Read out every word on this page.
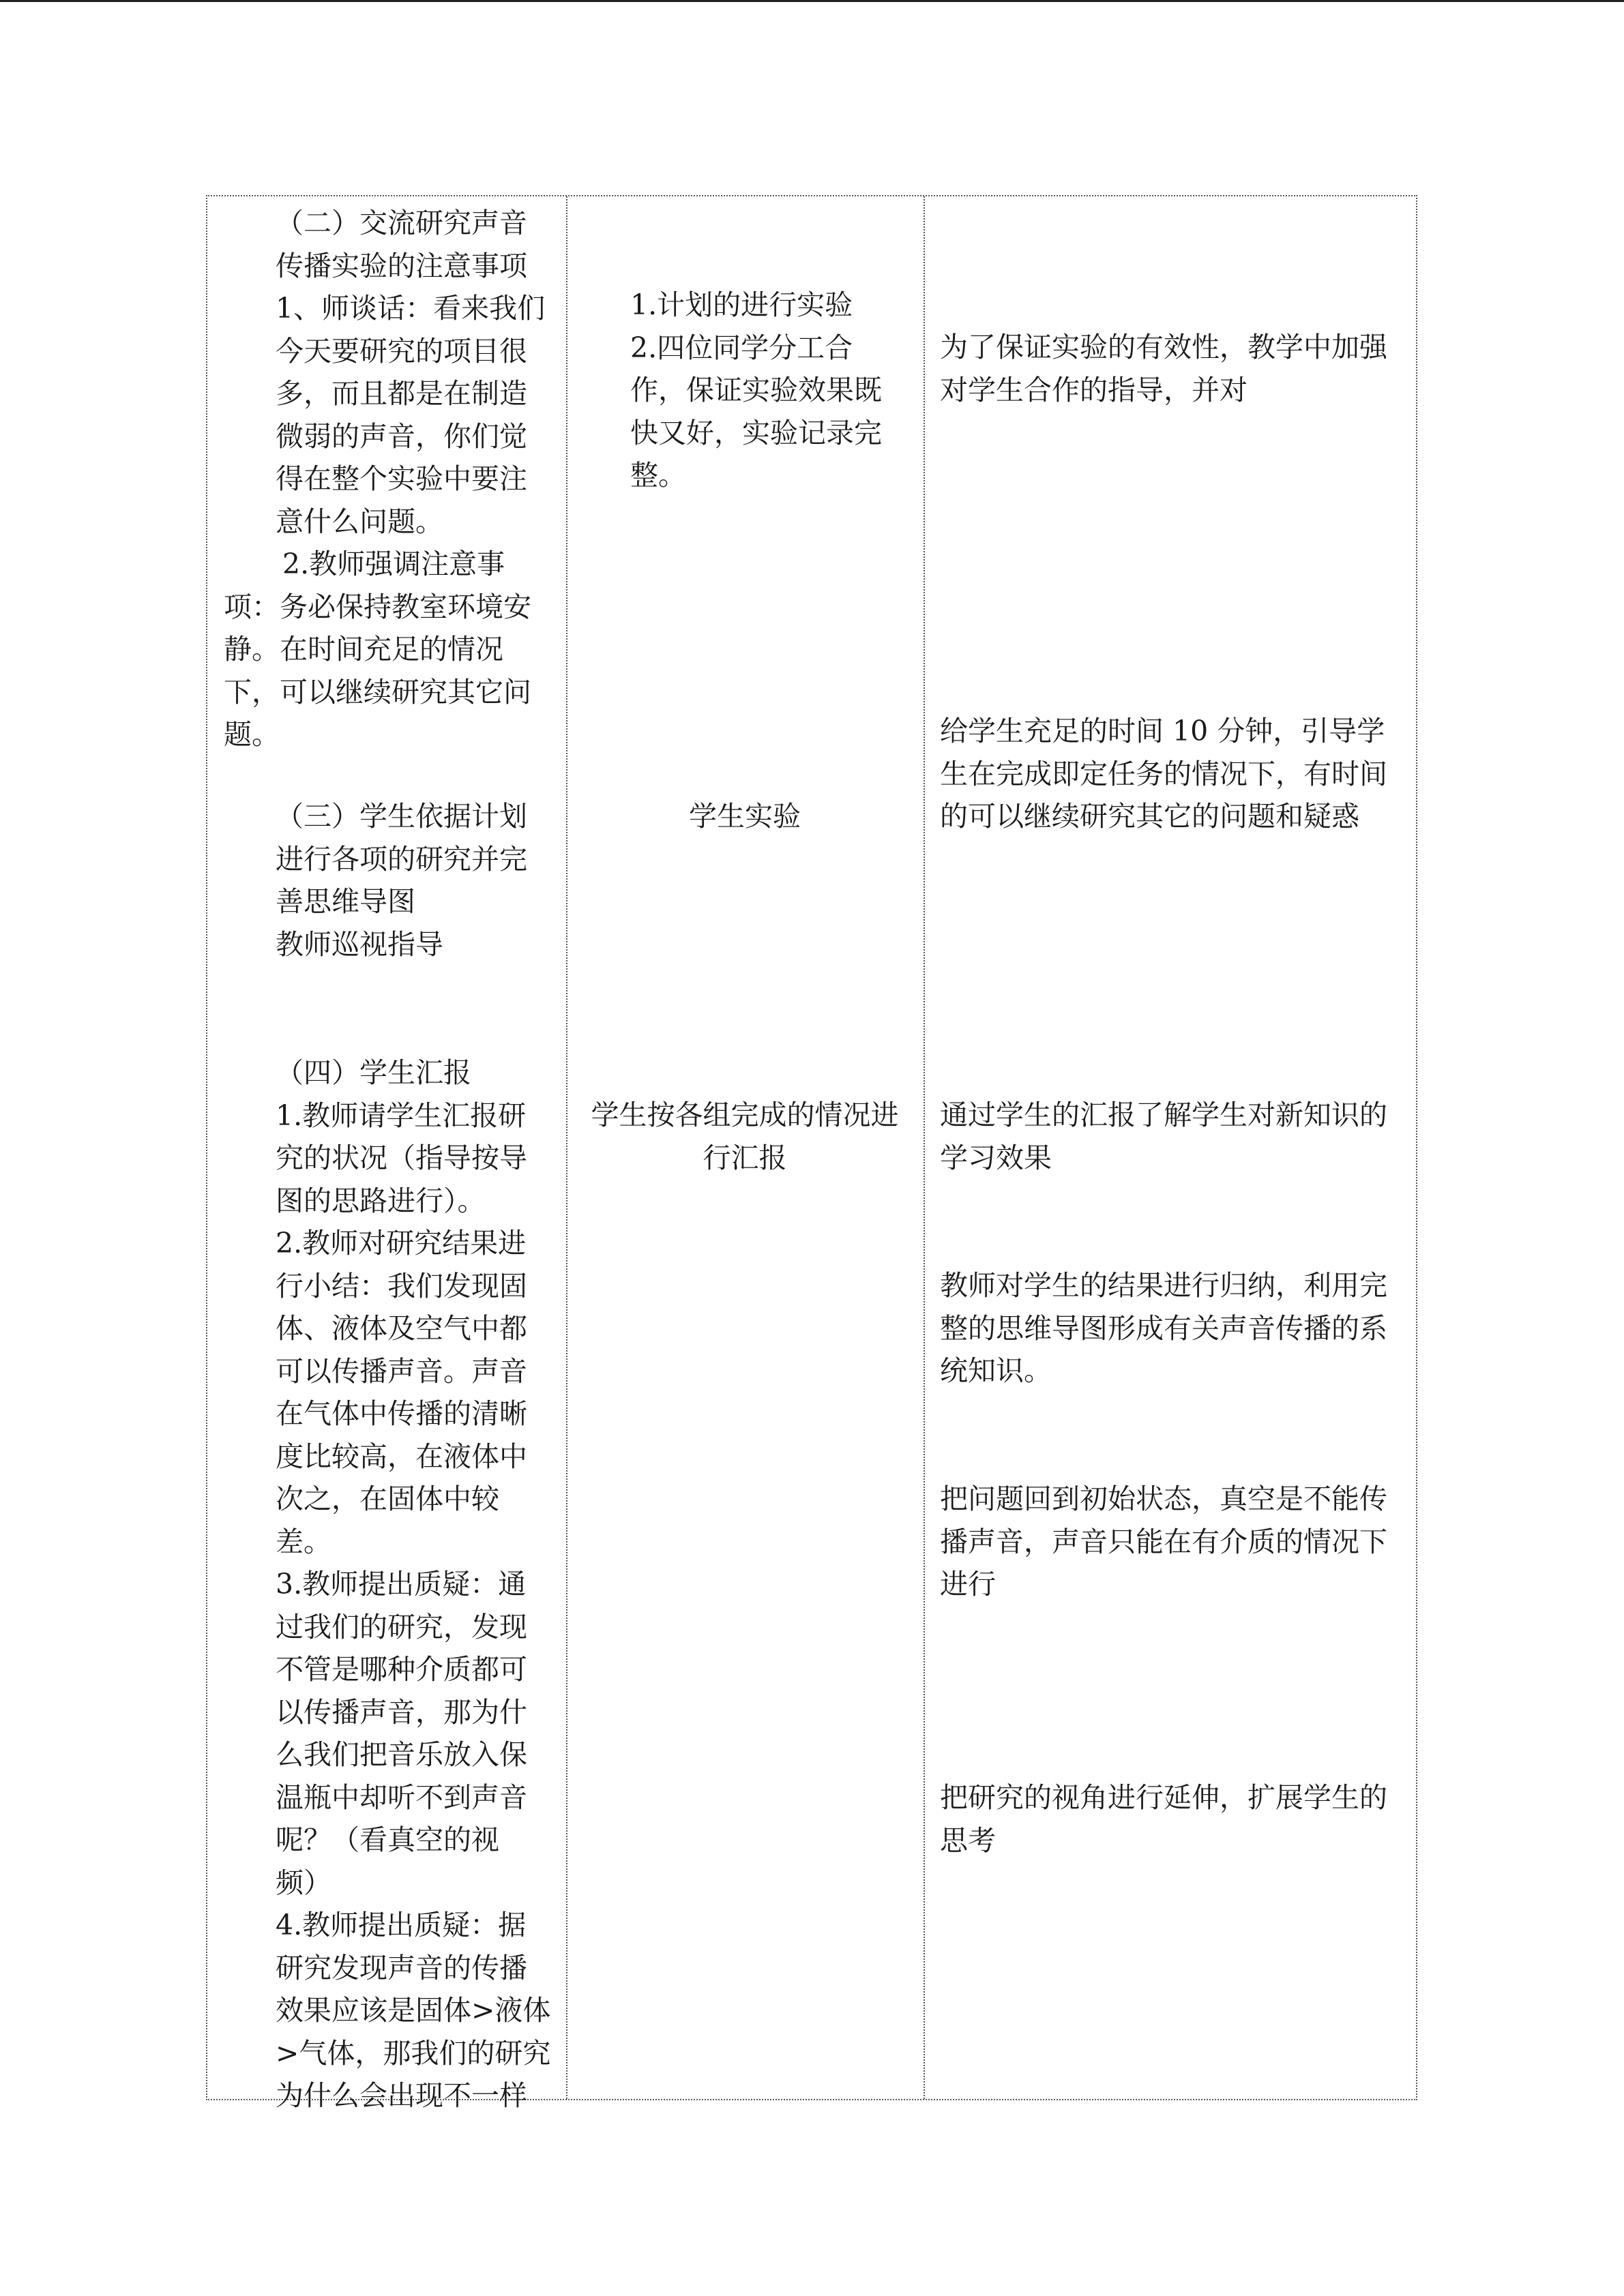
（二）交流研究声音
传播实验的注意事项
1、师谈话：看来我们
今天要研究的项目很
多，而且都是在制造
微弱的声音，你们觉
得在整个实验中要注
意什么问题。
2.教师强调注意事
项：务必保持教室环境安
静。在时间充足的情况
下，可以继续研究其它问
题。
（三）学生依据计划
进行各项的研究并完
善思维导图
教师巡视指导
（四）学生汇报
1.教师请学生汇报研
究的状况（指导按导
图的思路进行）。
2.教师对研究结果进
行小结：我们发现固
体、液体及空气中都
可以传播声音。声音
在气体中传播的清晰
度比较高，在液体中
次之，在固体中较
差。
3.教师提出质疑：通
过我们的研究，发现
不管是哪种介质都可
以传播声音，那为什
么我们把音乐放入保
温瓶中却听不到声音
呢？（看真空的视
频）
4.教师提出质疑：据
研究发现声音的传播
效果应该是固体>液体
>气体，那我们的研究
为什么会出现不一样
1.计划的进行实验
2.四位同学分工合
作，保证实验效果既
快又好，实验记录完
整。
学生实验
学生按各组完成的情况进
行汇报
为了保证实验的有效性，教学中加强
对学生合作的指导，并对
给学生充足的时间 10 分钟，引导学
生在完成即定任务的情况下，有时间
的可以继续研究其它的问题和疑惑
通过学生的汇报了解学生对新知识的
学习效果
教师对学生的结果进行归纳，利用完
整的思维导图形成有关声音传播的系
统知识。
把问题回到初始状态，真空是不能传
播声音，声音只能在有介质的情况下
进行
把研究的视角进行延伸，扩展学生的
思考
